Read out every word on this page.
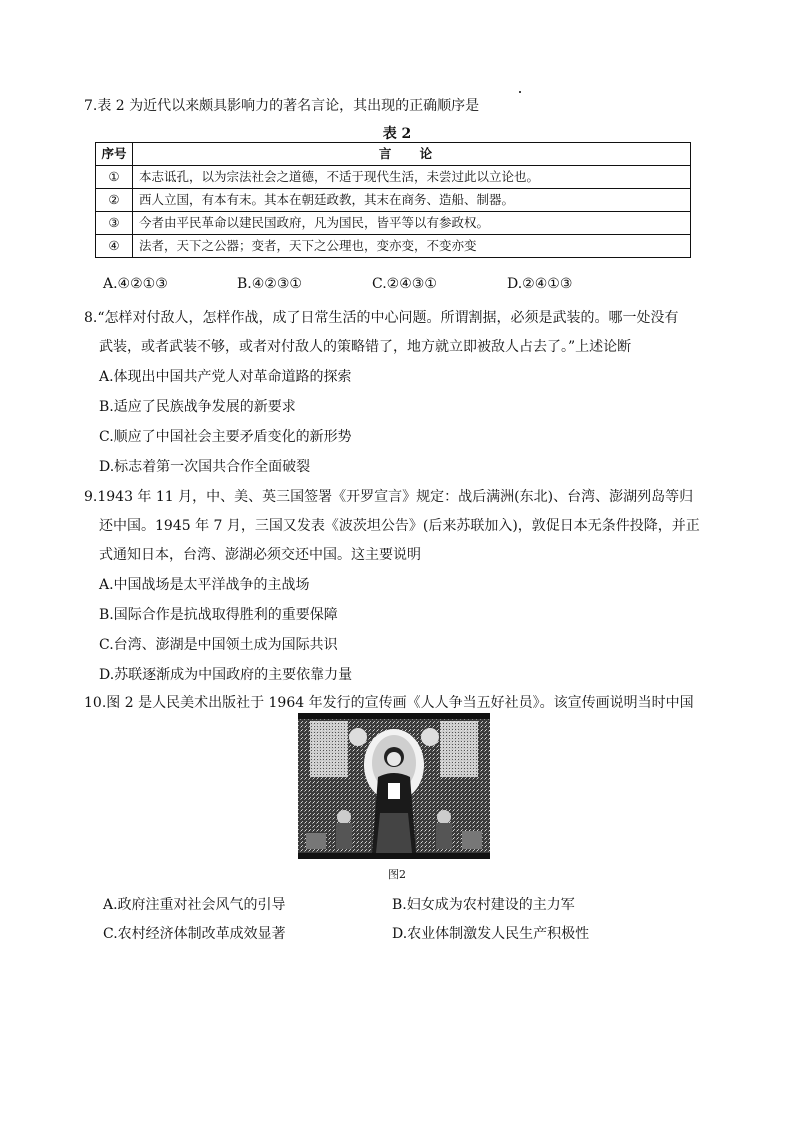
7.表 2 为近代以来颇具影响力的著名言论，其出现的正确顺序是
表 2
序号	言 论
①	本志诋孔，以为宗法社会之道德，不适于现代生活，未尝过此以立论也。
②	西人立国，有本有末。其本在朝廷政教，其末在商务、造船、制器。
③	今者由平民革命以建民国政府，凡为国民，皆平等以有参政权。
④	法者，天下之公器；变者，天下之公理也，变亦变，不变亦变
A.④②①③	B.④②③①	C.②④③①	D.②④①③
8.“怎样对付敌人，怎样作战，成了日常生活的中心问题。所谓割据，必须是武装的。哪一处没有
武装，或者武装不够，或者对付敌人的策略错了，地方就立即被敌人占去了。”上述论断
A.体现出中国共产党人对革命道路的探索
B.适应了民族战争发展的新要求
C.顺应了中国社会主要矛盾变化的新形势
D.标志着第一次国共合作全面破裂
9.1943 年 11 月，中、美、英三国签署《开罗宣言》规定：战后满洲(东北)、台湾、澎湖列岛等归
还中国。1945 年 7 月，三国又发表《波茨坦公告》(后来苏联加入)，敦促日本无条件投降，并正
式通知日本，台湾、澎湖必须交还中国。这主要说明
A.中国战场是太平洋战争的主战场
B.国际合作是抗战取得胜利的重要保障
C.台湾、澎湖是中国领土成为国际共识
D.苏联逐渐成为中国政府的主要依靠力量
10.图 2 是人民美术出版社于 1964 年发行的宣传画《人人争当五好社员》。该宣传画说明当时中国
图2
A.政府注重对社会风气的引导	B.妇女成为农村建设的主力军
C.农村经济体制改革成效显著	D.农业体制激发人民生产积极性
